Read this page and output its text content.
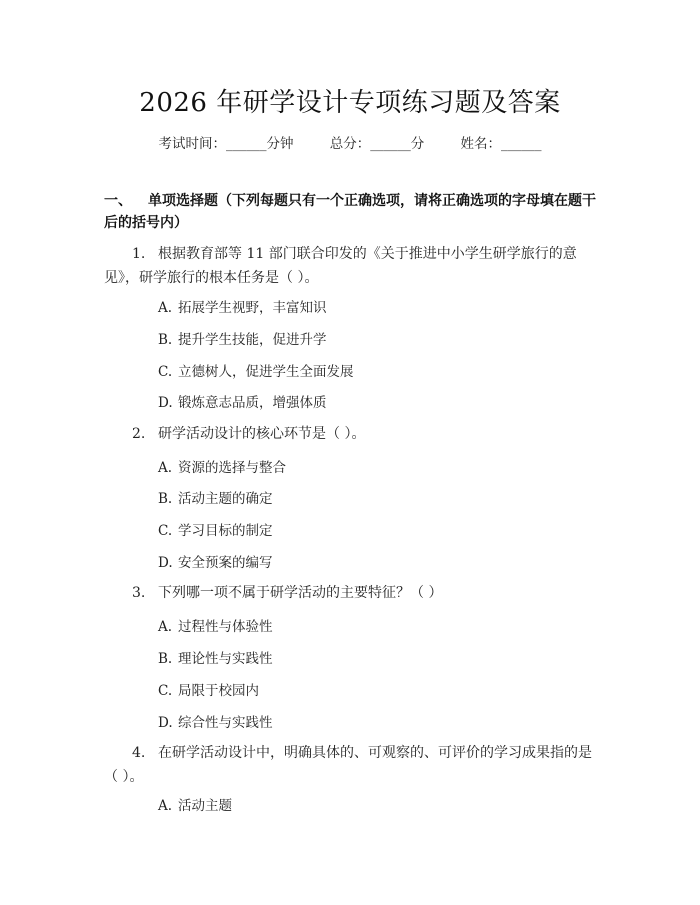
2026 年研学设计专项练习题及答案
考试时间：______分钟	总分：______分	姓名：______
一、 单项选择题（下列每题只有一个正确选项，请将正确选项的字母填在题干后的括号内）
1. 根据教育部等 11 部门联合印发的《关于推进中小学生研学旅行的意见》，研学旅行的根本任务是（ ）。
A. 拓展学生视野，丰富知识
B. 提升学生技能，促进升学
C. 立德树人，促进学生全面发展
D. 锻炼意志品质，增强体质
2. 研学活动设计的核心环节是（ ）。
A. 资源的选择与整合
B. 活动主题的确定
C. 学习目标的制定
D. 安全预案的编写
3. 下列哪一项不属于研学活动的主要特征？（ ）
A. 过程性与体验性
B. 理论性与实践性
C. 局限于校园内
D. 综合性与实践性
4. 在研学活动设计中，明确具体的、可观察的、可评价的学习成果指的是（ ）。
A. 活动主题
